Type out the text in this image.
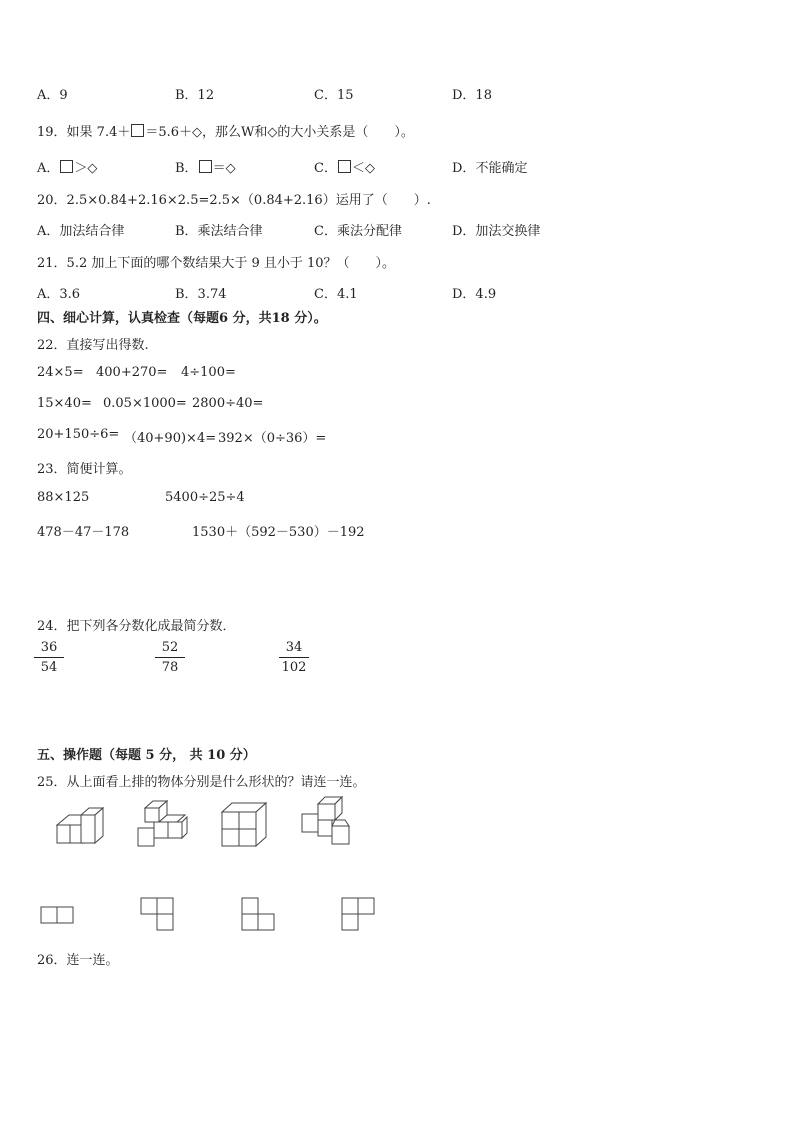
A．9	B．12	C．15	D．18
19．如果 7.4＋ ＝5.6＋◇，那么W和◇的大小关系是（　　）。
A． ＞◇	B． ＝◇	C． ＜◇	D．不能确定
20．2.5×0.84+2.16×2.5=2.5×（0.84+2.16）运用了（　　）.
A．加法结合律	B．乘法结合律	C．乘法分配律	D．加法交换律
21．5.2 加上下面的哪个数结果大于 9 且小于 10？（　　）。
A．3.6	B．3.74	C．4.1	D．4.9
四、细心计算，认真检查（每题6 分，共18 分）。
22．直接写出得数.
24×5= 400+270= 4÷100=
15×40= 0.05×1000= 2800÷40=
20+150÷6= （40+90)×4= 392×（0÷36）=
23．简便计算。
88×125	5400÷25÷4
478－47－178	1530＋（592－530）－192
24．把下列各分数化成最简分数．
$\frac{36}{54}$	$\frac{52}{78}$	$\frac{34}{102}$
五、操作题（每题 5 分， 共 10 分）
25．从上面看上排的物体分别是什么形状的？请连一连。
26．连一连。
